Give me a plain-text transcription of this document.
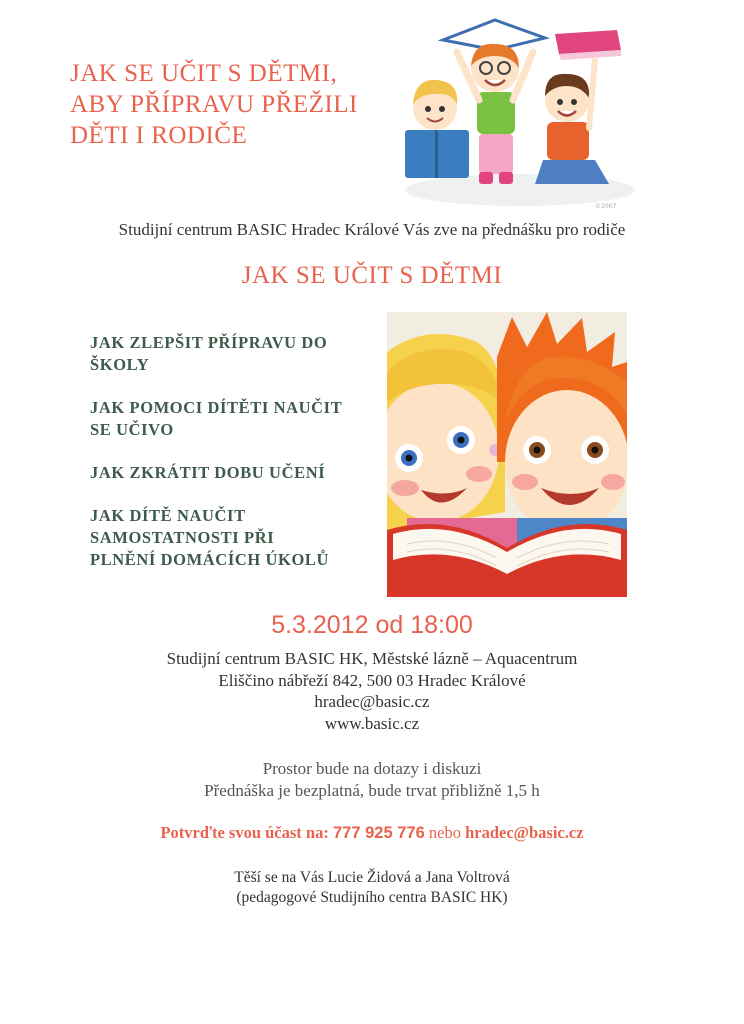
JAK SE UČIT S DĚTMI,
ABY PŘÍPRAVU PŘEŽILI
DĚTI I RODIČE
©2007
Studijní centrum BASIC Hradec Králové Vás zve na přednášku pro rodiče
JAK SE UČIT S DĚTMI
JAK ZLEPŠIT PŘÍPRAVU DO
ŠKOLY
JAK POMOCI DÍTĚTI NAUČIT
SE UČIVO
JAK ZKRÁTIT DOBU UČENÍ
JAK DÍTĚ NAUČIT
SAMOSTATNOSTI PŘI
PLNĚNÍ DOMÁCÍCH ÚKOLŮ
5.3.2012 od 18:00
Studijní centrum BASIC HK, Městské lázně – Aquacentrum
Eliščino nábřeží 842, 500 03 Hradec Králové
hradec@basic.cz
www.basic.cz
Prostor bude na dotazy i diskuzi
Přednáška je bezplatná, bude trvat přibližně 1,5 h
Potvrďte svou účast na: 777 925 776 nebo hradec@basic.cz
Těší se na Vás Lucie Židová a Jana Voltrová
(pedagogové Studijního centra BASIC HK)
